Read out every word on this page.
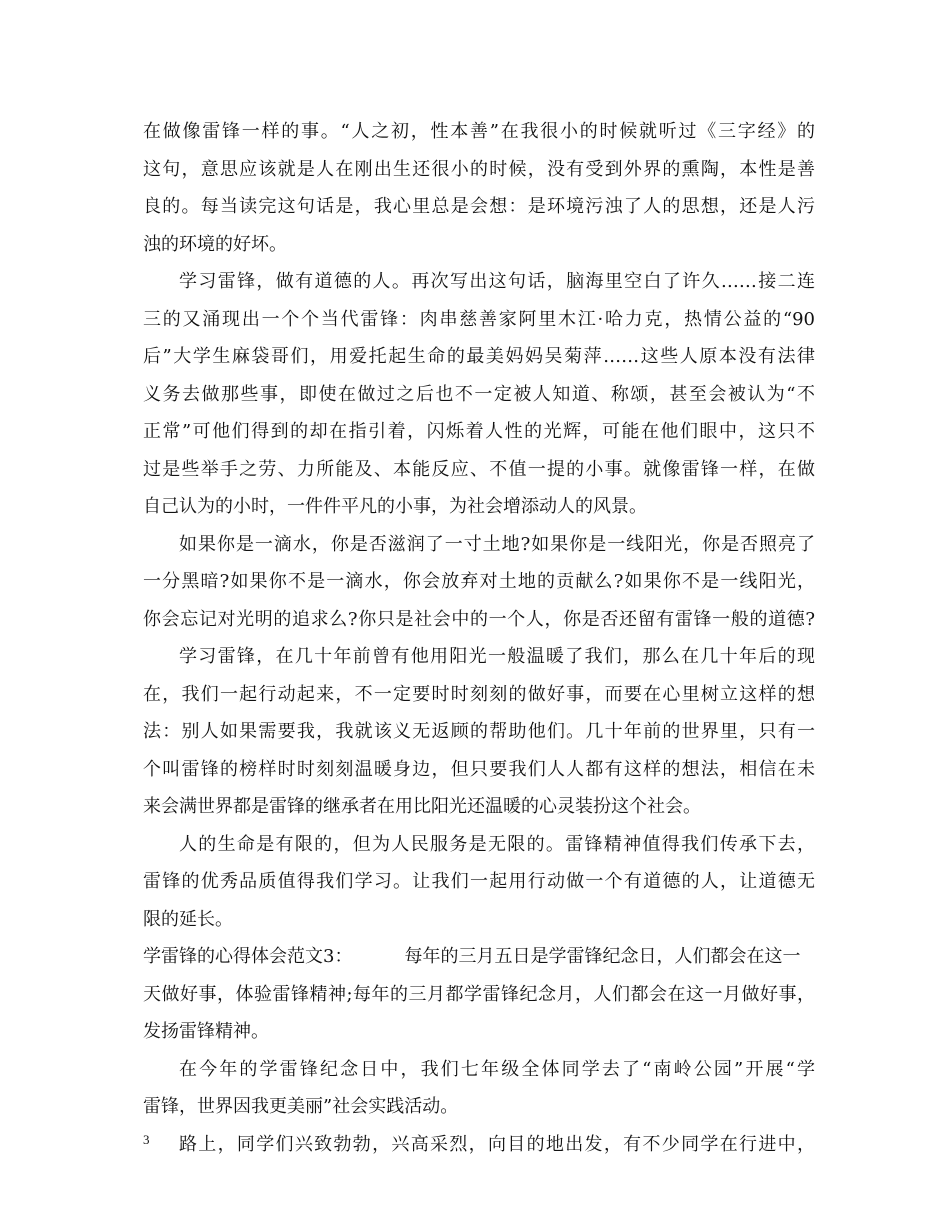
在做像雷锋一样的事。“人之初，性本善”在我很小的时候就听过《三字经》的
这句，意思应该就是人在刚出生还很小的时候，没有受到外界的熏陶，本性是善
良的。每当读完这句话是，我心里总是会想：是环境污浊了人的思想，还是人污
浊的环境的好坏。
学习雷锋，做有道德的人。再次写出这句话，脑海里空白了许久……接二连
三的又涌现出一个个当代雷锋：肉串慈善家阿里木江·哈力克，热情公益的“90
后”大学生麻袋哥们，用爱托起生命的最美妈妈吴菊萍……这些人原本没有法律
义务去做那些事，即使在做过之后也不一定被人知道、称颂，甚至会被认为“不
正常”可他们得到的却在指引着，闪烁着人性的光辉，可能在他们眼中，这只不
过是些举手之劳、力所能及、本能反应、不值一提的小事。就像雷锋一样，在做
自己认为的小时，一件件平凡的小事，为社会增添动人的风景。
如果你是一滴水，你是否滋润了一寸土地?如果你是一线阳光，你是否照亮了
一分黑暗?如果你不是一滴水，你会放弃对土地的贡献么?如果你不是一线阳光，
你会忘记对光明的追求么?你只是社会中的一个人，你是否还留有雷锋一般的道德?
学习雷锋，在几十年前曾有他用阳光一般温暖了我们，那么在几十年后的现
在，我们一起行动起来，不一定要时时刻刻的做好事，而要在心里树立这样的想
法：别人如果需要我，我就该义无返顾的帮助他们。几十年前的世界里，只有一
个叫雷锋的榜样时时刻刻温暖身边，但只要我们人人都有这样的想法，相信在未
来会满世界都是雷锋的继承者在用比阳光还温暖的心灵装扮这个社会。
人的生命是有限的，但为人民服务是无限的。雷锋精神值得我们传承下去，
雷锋的优秀品质值得我们学习。让我们一起用行动做一个有道德的人，让道德无
限的延长。
学雷锋的心得体会范文3：	每年的三月五日是学雷锋纪念日，人们都会在这一
天做好事，体验雷锋精神;每年的三月都学雷锋纪念月，人们都会在这一月做好事，
发扬雷锋精神。
在今年的学雷锋纪念日中，我们七年级全体同学去了“南岭公园”开展“学
雷锋，世界因我更美丽”社会实践活动。
路上，同学们兴致勃勃，兴高采烈，向目的地出发，有不少同学在行进中，
3
